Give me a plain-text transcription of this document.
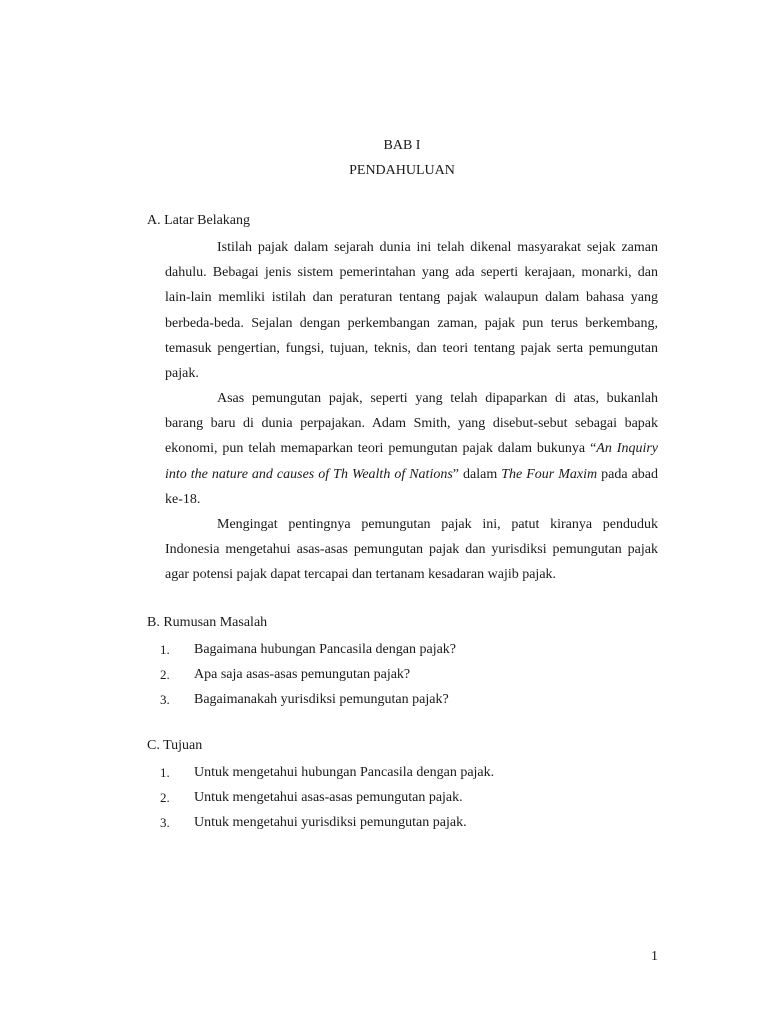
BAB I
PENDAHULUAN
A. Latar Belakang

Istilah pajak dalam sejarah dunia ini telah dikenal masyarakat sejak zaman dahulu. Bebagai jenis sistem pemerintahan yang ada seperti kerajaan, monarki, dan lain-lain memliki istilah dan peraturan tentang pajak walaupun dalam bahasa yang berbeda-beda. Sejalan dengan perkembangan zaman, pajak pun terus berkembang, temasuk pengertian, fungsi, tujuan, teknis, dan teori tentang pajak serta pemungutan pajak.

Asas pemungutan pajak, seperti yang telah dipaparkan di atas, bukanlah barang baru di dunia perpajakan. Adam Smith, yang disebut-sebut sebagai bapak ekonomi, pun telah memaparkan teori pemungutan pajak dalam bukunya “An Inquiry into the nature and causes of Th Wealth of Nations” dalam The Four Maxim pada abad ke-18.

Mengingat pentingnya pemungutan pajak ini, patut kiranya penduduk Indonesia mengetahui asas-asas pemungutan pajak dan yurisdiksi pemungutan pajak agar potensi pajak dapat tercapai dan tertanam kesadaran wajib pajak.

B. Rumusan Masalah
1.	Bagaimana hubungan Pancasila dengan pajak?
2.	Apa saja asas-asas pemungutan pajak?
3.	Bagaimanakah yurisdiksi pemungutan pajak?
C. Tujuan
1.	Untuk mengetahui hubungan Pancasila dengan pajak.
2.	Untuk mengetahui asas-asas pemungutan pajak.
3.	Untuk mengetahui yurisdiksi pemungutan pajak.
1
